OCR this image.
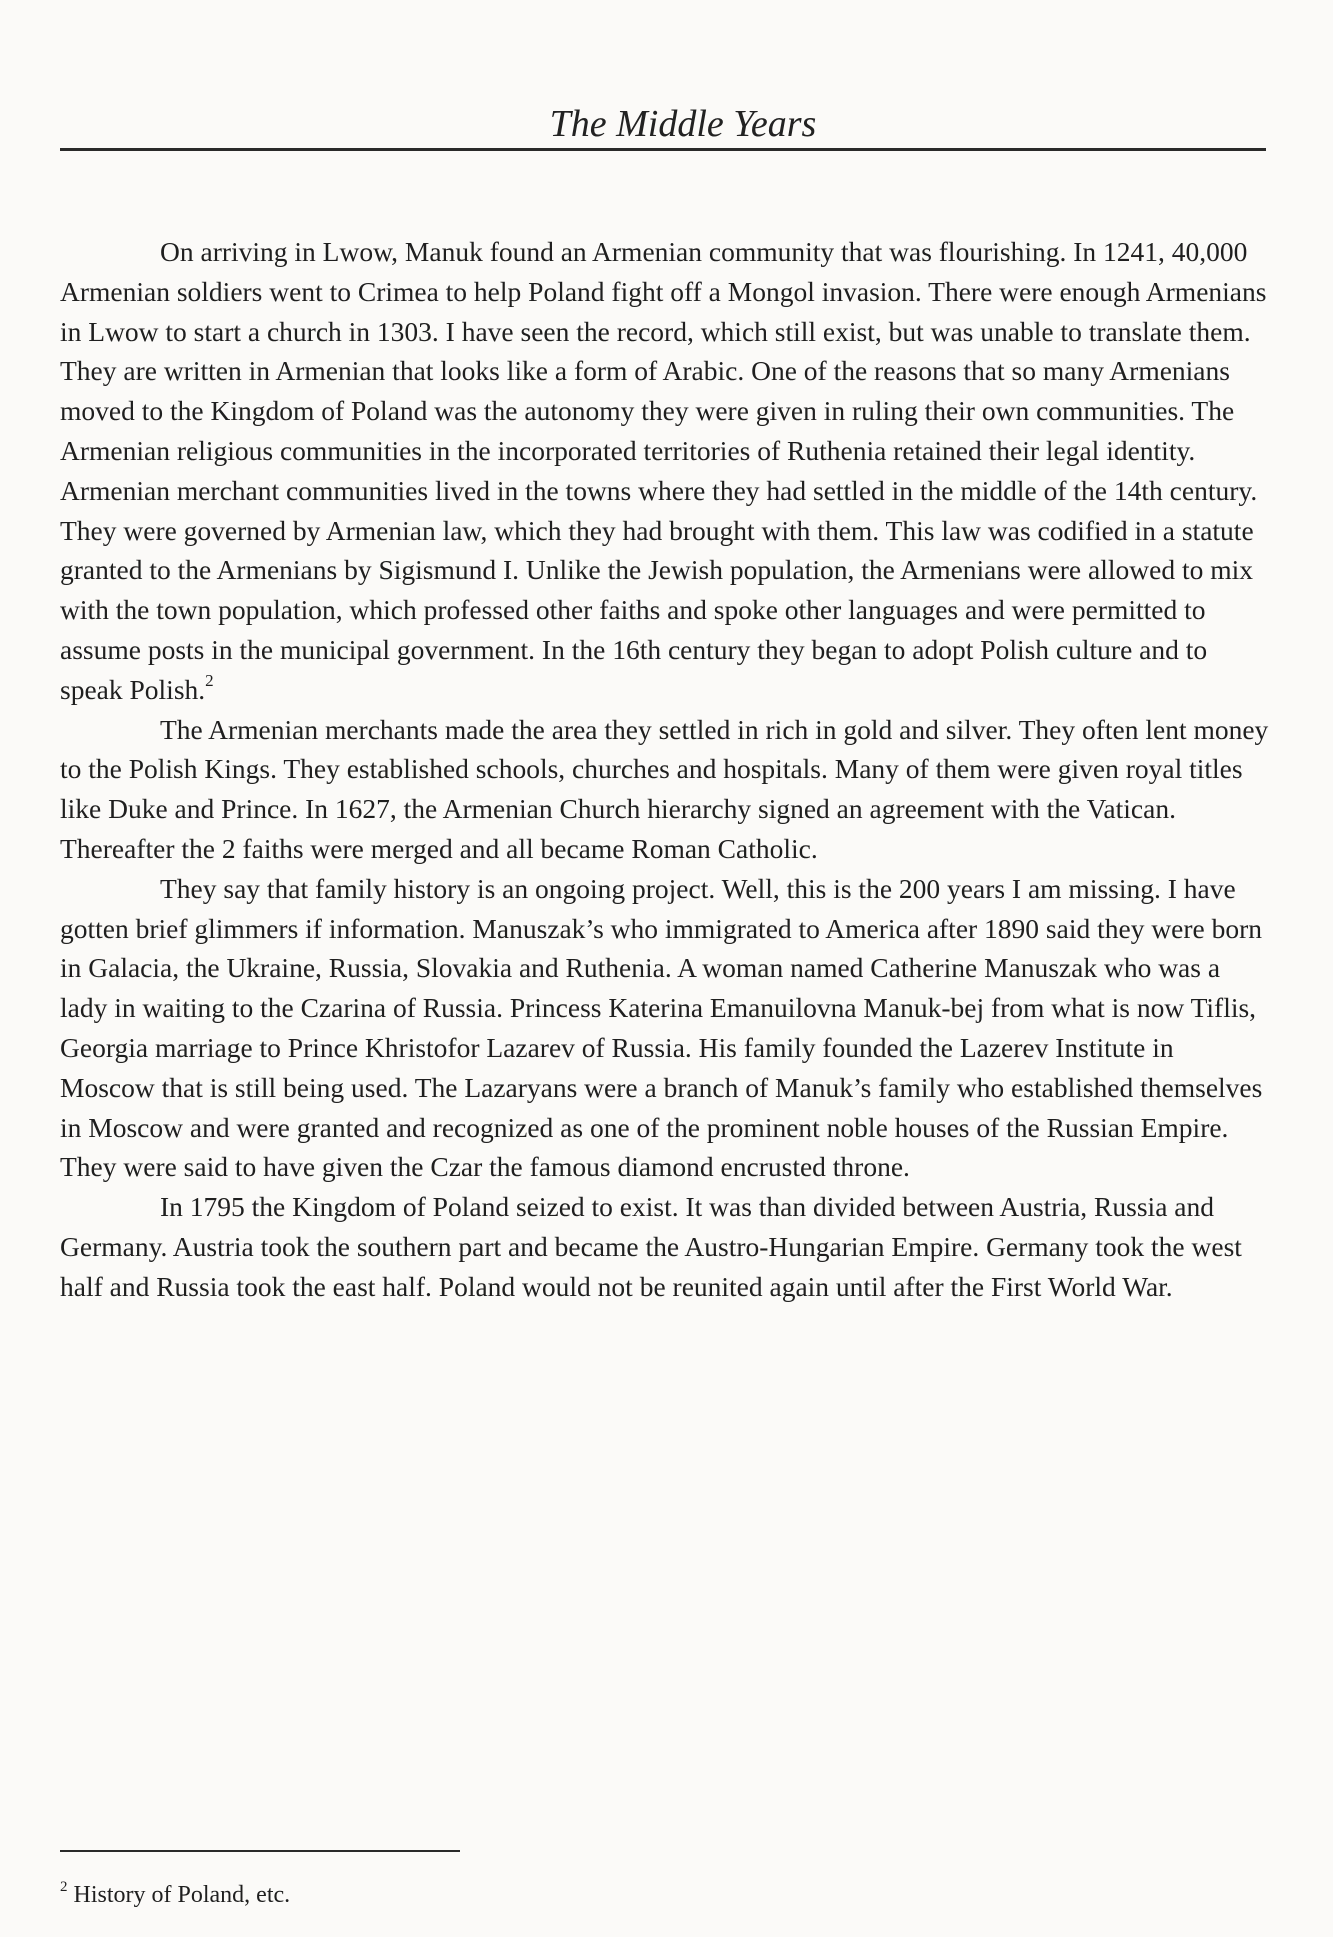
The Middle Years

On arriving in Lwow, Manuk found an Armenian community that was flourishing. In 1241, 40,000 Armenian soldiers went to Crimea to help Poland fight off a Mongol invasion. There were enough Armenians in Lwow to start a church in 1303. I have seen the record, which still exist, but was unable to translate them. They are written in Armenian that looks like a form of Arabic. One of the reasons that so many Armenians moved to the Kingdom of Poland was the autonomy they were given in ruling their own communities. The Armenian religious communities in the incorporated territories of Ruthenia retained their legal identity. Armenian merchant communities lived in the towns where they had settled in the middle of the 14th century. They were governed by Armenian law, which they had brought with them. This law was codified in a statute granted to the Armenians by Sigismund I. Unlike the Jewish population, the Armenians were allowed to mix with the town population, which professed other faiths and spoke other languages and were permitted to assume posts in the municipal government. In the 16th century they began to adopt Polish culture and to speak Polish.$^2$

The Armenian merchants made the area they settled in rich in gold and silver. They often lent money to the Polish Kings. They established schools, churches and hospitals. Many of them were given royal titles like Duke and Prince. In 1627, the Armenian Church hierarchy signed an agreement with the Vatican. Thereafter the 2 faiths were merged and all became Roman Catholic.

They say that family history is an ongoing project. Well, this is the 200 years I am missing. I have gotten brief glimmers if information. Manuszak’s who immigrated to America after 1890 said they were born in Galacia, the Ukraine, Russia, Slovakia and Ruthenia. A woman named Catherine Manuszak who was a lady in waiting to the Czarina of Russia. Princess Katerina Emanuilovna Manuk-bej from what is now Tiflis, Georgia marriage to Prince Khristofor Lazarev of Russia. His family founded the Lazerev Institute in Moscow that is still being used. The Lazaryans were a branch of Manuk’s family who established themselves in Moscow and were granted and recognized as one of the prominent noble houses of the Russian Empire. They were said to have given the Czar the famous diamond encrusted throne.

In 1795 the Kingdom of Poland seized to exist. It was than divided between Austria, Russia and Germany. Austria took the southern part and became the Austro-Hungarian Empire. Germany took the west half and Russia took the east half. Poland would not be reunited again until after the First World War.

$^2$ History of Poland, etc.
